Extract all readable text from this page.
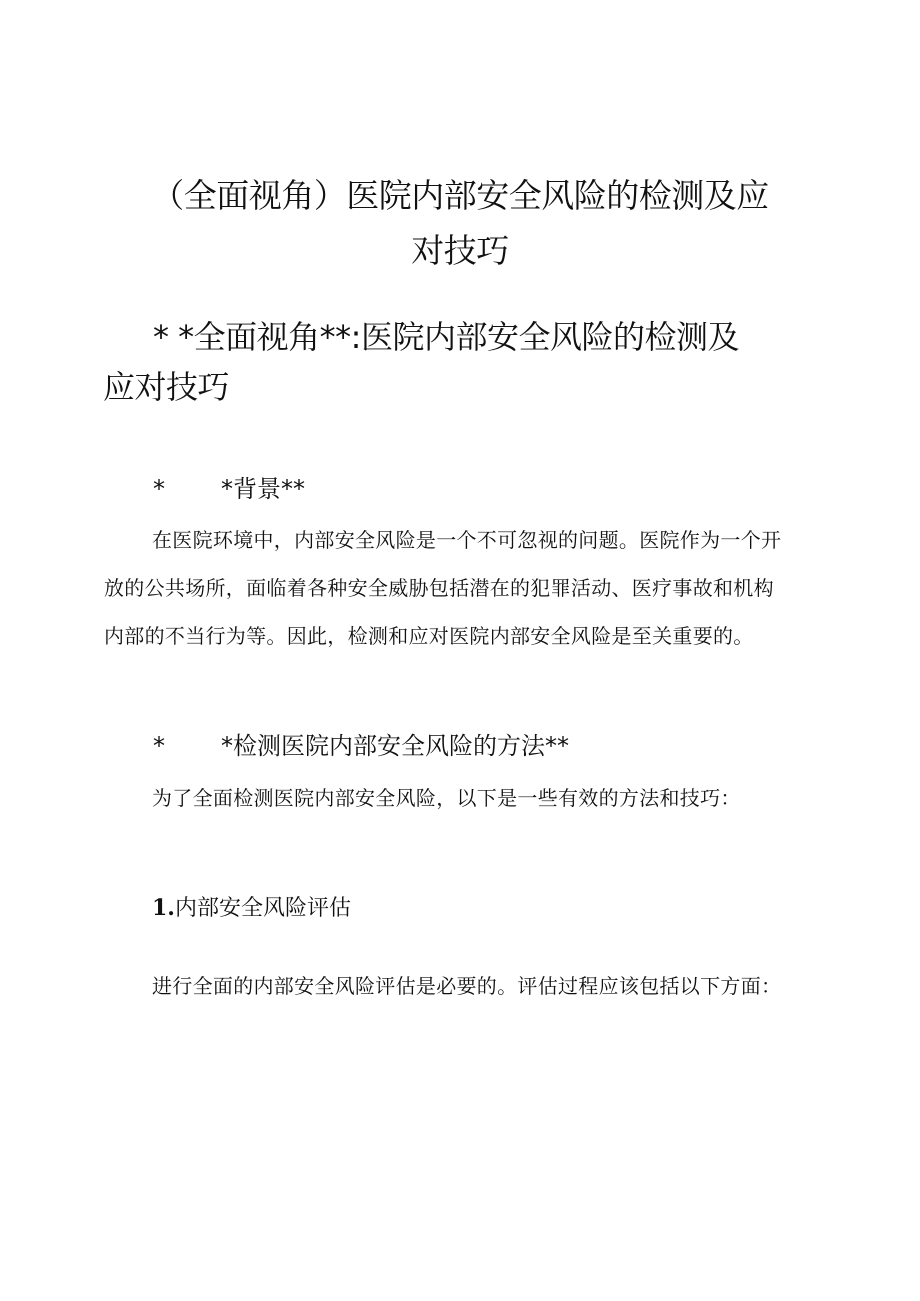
（全面视角）医院内部安全风险的检测及应
对技巧
* *全面视角**:医院内部安全风险的检测及
应对技巧
* *背景**

在医院环境中，内部安全风险是一个不可忽视的问题。医院作为一个开

放的公共场所，面临着各种安全威胁包括潜在的犯罪活动、医疗事故和机构

内部的不当行为等。因此，检测和应对医院内部安全风险是至关重要的。

* *检测医院内部安全风险的方法**

为了全面检测医院内部安全风险，以下是一些有效的方法和技巧：

1.内部安全风险评估

进行全面的内部安全风险评估是必要的。评估过程应该包括以下方面：
